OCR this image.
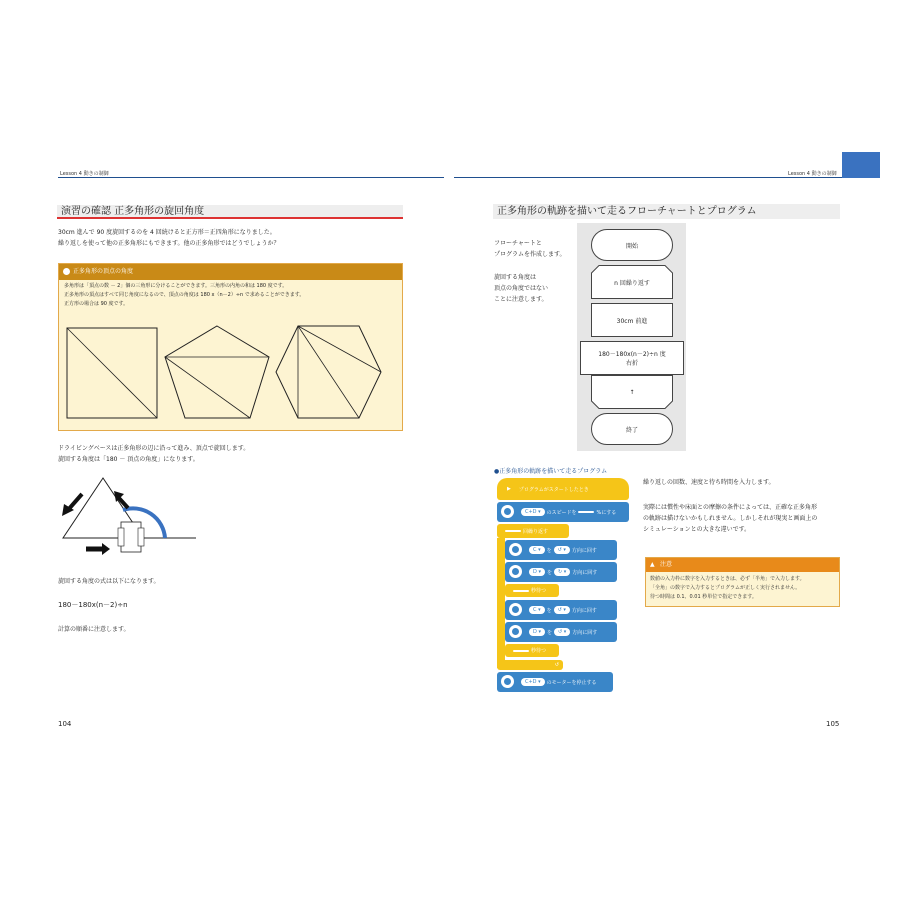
Lesson 4 動きの制御	Lesson 4 動きの制御
演習の確認 正多角形の旋回角度
30cm 進んで 90 度旋回するのを 4 回続けると正方形＝正四角形になりました。
繰り返しを使って他の正多角形にもできます。他の正多角形ではどうでしょうか？
正多角形の頂点の角度
多角形は「頂点の数 － 2」個の三角形に分けることができます。三角形の内角の和は 180 度です。
正多角形の頂点はすべて同じ角度になるので、頂点の角度は 180 x（n－2）÷n で求めることができます。
正方形の場合は 90 度です。
ドライビングベースは正多角形の辺に沿って進み、頂点で旋回します。
旋回する角度は「180 － 頂点の角度」になります。
旋回する角度の式は以下になります。
180－180x(n－2)÷n
計算の順番に注意します。
104
正多角形の軌跡を描いて走るフローチャートとプログラム
フローチャートと
プログラムを作成します。
旋回する角度は
頂点の角度ではない
ことに注意します。
開始
n 回繰り返す
30cm 前進
180－180x(n－2)÷n 度
右折
↑
終了
●正多角形の軌跡を描いて走るプログラム
▶ プログラムがスタートしたとき
C+D ▾	のスピードを	%にする
回繰り返す
C ▾	を	↺ ▾	方向に回す
D ▾	を	↻ ▾	方向に回す
秒待つ
C ▾	を	↺ ▾	方向に回す
D ▾	を	↺ ▾	方向に回す
秒待つ
↺
C+D ▾	のモーターを停止する
繰り返しの回数、速度と待ち時間を入力します。
実際には慣性や床面との摩擦の条件によっては、正確な正多角形
の軌跡は描けないかもしれません。しかしそれが現実と画面上の
シミュレーションとの大きな違いです。
▲ 注意
数値の入力枠に数字を入力するときは、必ず「半角」で入力します。
「全角」の数字で入力するとプログラムが正しく実行されません。
待つ時間は 0.1、0.01 秒単位で指定できます。
105
